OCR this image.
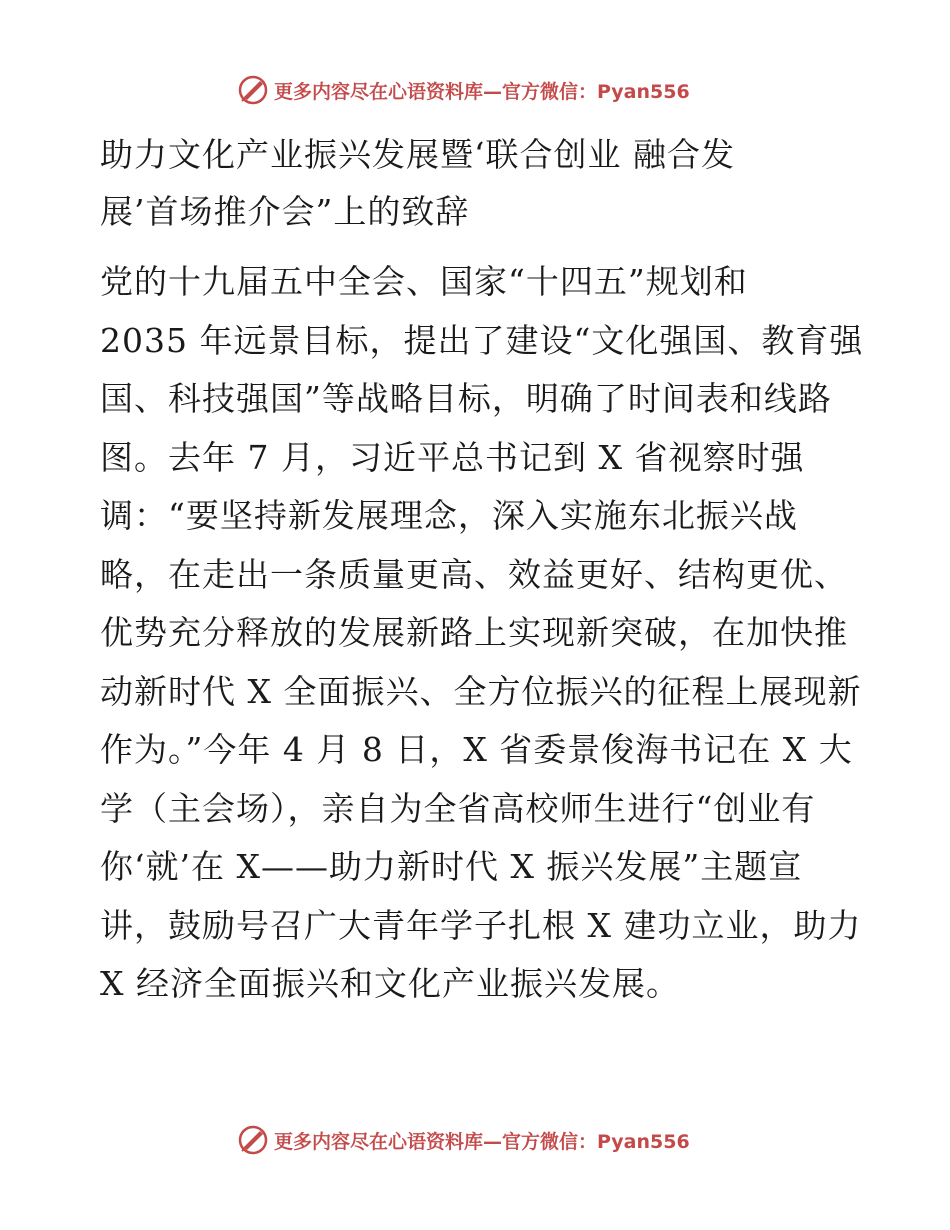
更多内容尽在心语资料库—官方微信：Pyan556
助力文化产业振兴发展暨‘联合创业 融合发
展’首场推介会”上的致辞
党的十九届五中全会、国家“十四五”规划和
2035 年远景目标，提出了建设“文化强国、教育强
国、科技强国”等战略目标，明确了时间表和线路
图。去年 7 月，习近平总书记到 X 省视察时强
调：“要坚持新发展理念，深入实施东北振兴战
略，在走出一条质量更高、效益更好、结构更优、
优势充分释放的发展新路上实现新突破，在加快推
动新时代 X 全面振兴、全方位振兴的征程上展现新
作为。”今年 4 月 8 日，X 省委景俊海书记在 X 大
学（主会场），亲自为全省高校师生进行“创业有
你‘就’在 X——助力新时代 X 振兴发展”主题宣
讲，鼓励号召广大青年学子扎根 X 建功立业，助力
X 经济全面振兴和文化产业振兴发展。
更多内容尽在心语资料库—官方微信：Pyan556
